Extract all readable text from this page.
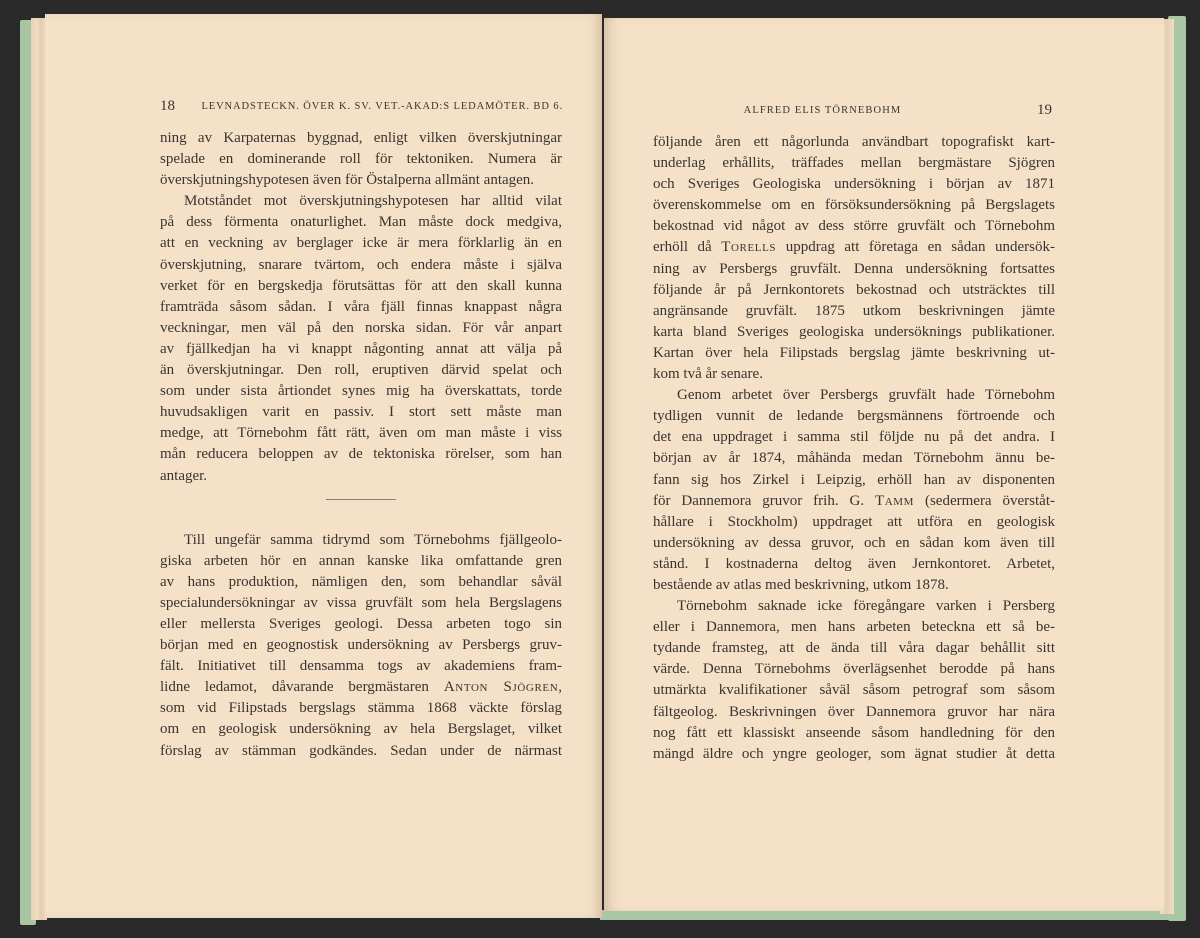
18	LEVNADSTECKN. ÖVER K. SV. VET.-AKAD:S LEDAMÖTER. BD 6.
ning av Karpaternas byggnad, enligt vilken överskjutningar
spelade en dominerande roll för tektoniken. Numera är
överskjutningshypotesen även för Östalperna allmänt antagen.
Motståndet mot överskjutningshypotesen har alltid vilat
på dess förmenta onaturlighet. Man måste dock medgiva,
att en veckning av berglager icke är mera förklarlig än en
överskjutning, snarare tvärtom, och endera måste i själva
verket för en bergskedja förutsättas för att den skall kunna
framträda såsom sådan. I våra fjäll finnas knappast några
veckningar, men väl på den norska sidan. För vår anpart
av fjällkedjan ha vi knappt någonting annat att välja på
än överskjutningar. Den roll, eruptiven därvid spelat och
som under sista årtiondet synes mig ha överskattats, torde
huvudsakligen varit en passiv. I stort sett måste man
medge, att Törnebohm fått rätt, även om man måste i viss
mån reducera beloppen av de tektoniska rörelser, som han
antager.
Till ungefär samma tidrymd som Törnebohms fjällgeolo-
giska arbeten hör en annan kanske lika omfattande gren
av hans produktion, nämligen den, som behandlar såväl
specialundersökningar av vissa gruvfält som hela Bergslagens
eller mellersta Sveriges geologi. Dessa arbeten togo sin
början med en geognostisk undersökning av Persbergs gruv-
fält. Initiativet till densamma togs av akademiens fram-
lidne ledamot, dåvarande bergmästaren Anton Sjögren,
som vid Filipstads bergslags stämma 1868 väckte förslag
om en geologisk undersökning av hela Bergslaget, vilket
förslag av stämman godkändes. Sedan under de närmast
ALFRED ELIS TÖRNEBOHM	19
följande åren ett någorlunda användbart topografiskt kart-
underlag erhållits, träffades mellan bergmästare Sjögren
och Sveriges Geologiska undersökning i början av 1871
överenskommelse om en försöksundersökning på Bergslagets
bekostnad vid något av dess större gruvfält och Törnebohm
erhöll då Torells uppdrag att företaga en sådan undersök-
ning av Persbergs gruvfält. Denna undersökning fortsattes
följande år på Jernkontorets bekostnad och utsträcktes till
angränsande gruvfält. 1875 utkom beskrivningen jämte
karta bland Sveriges geologiska undersöknings publikationer.
Kartan över hela Filipstads bergslag jämte beskrivning ut-
kom två år senare.
Genom arbetet över Persbergs gruvfält hade Törnebohm
tydligen vunnit de ledande bergsmännens förtroende och
det ena uppdraget i samma stil följde nu på det andra. I
början av år 1874, måhända medan Törnebohm ännu be-
fann sig hos Zirkel i Leipzig, erhöll han av disponenten
för Dannemora gruvor frih. G. Tamm (sedermera överståt-
hållare i Stockholm) uppdraget att utföra en geologisk
undersökning av dessa gruvor, och en sådan kom även till
stånd. I kostnaderna deltog även Jernkontoret. Arbetet,
bestående av atlas med beskrivning, utkom 1878.
Törnebohm saknade icke föregångare varken i Persberg
eller i Dannemora, men hans arbeten beteckna ett så be-
tydande framsteg, att de ända till våra dagar behållit sitt
värde. Denna Törnebohms överlägsenhet berodde på hans
utmärkta kvalifikationer såväl såsom petrograf som såsom
fältgeolog. Beskrivningen över Dannemora gruvor har nära
nog fått ett klassiskt anseende såsom handledning för den
mängd äldre och yngre geologer, som ägnat studier åt detta
